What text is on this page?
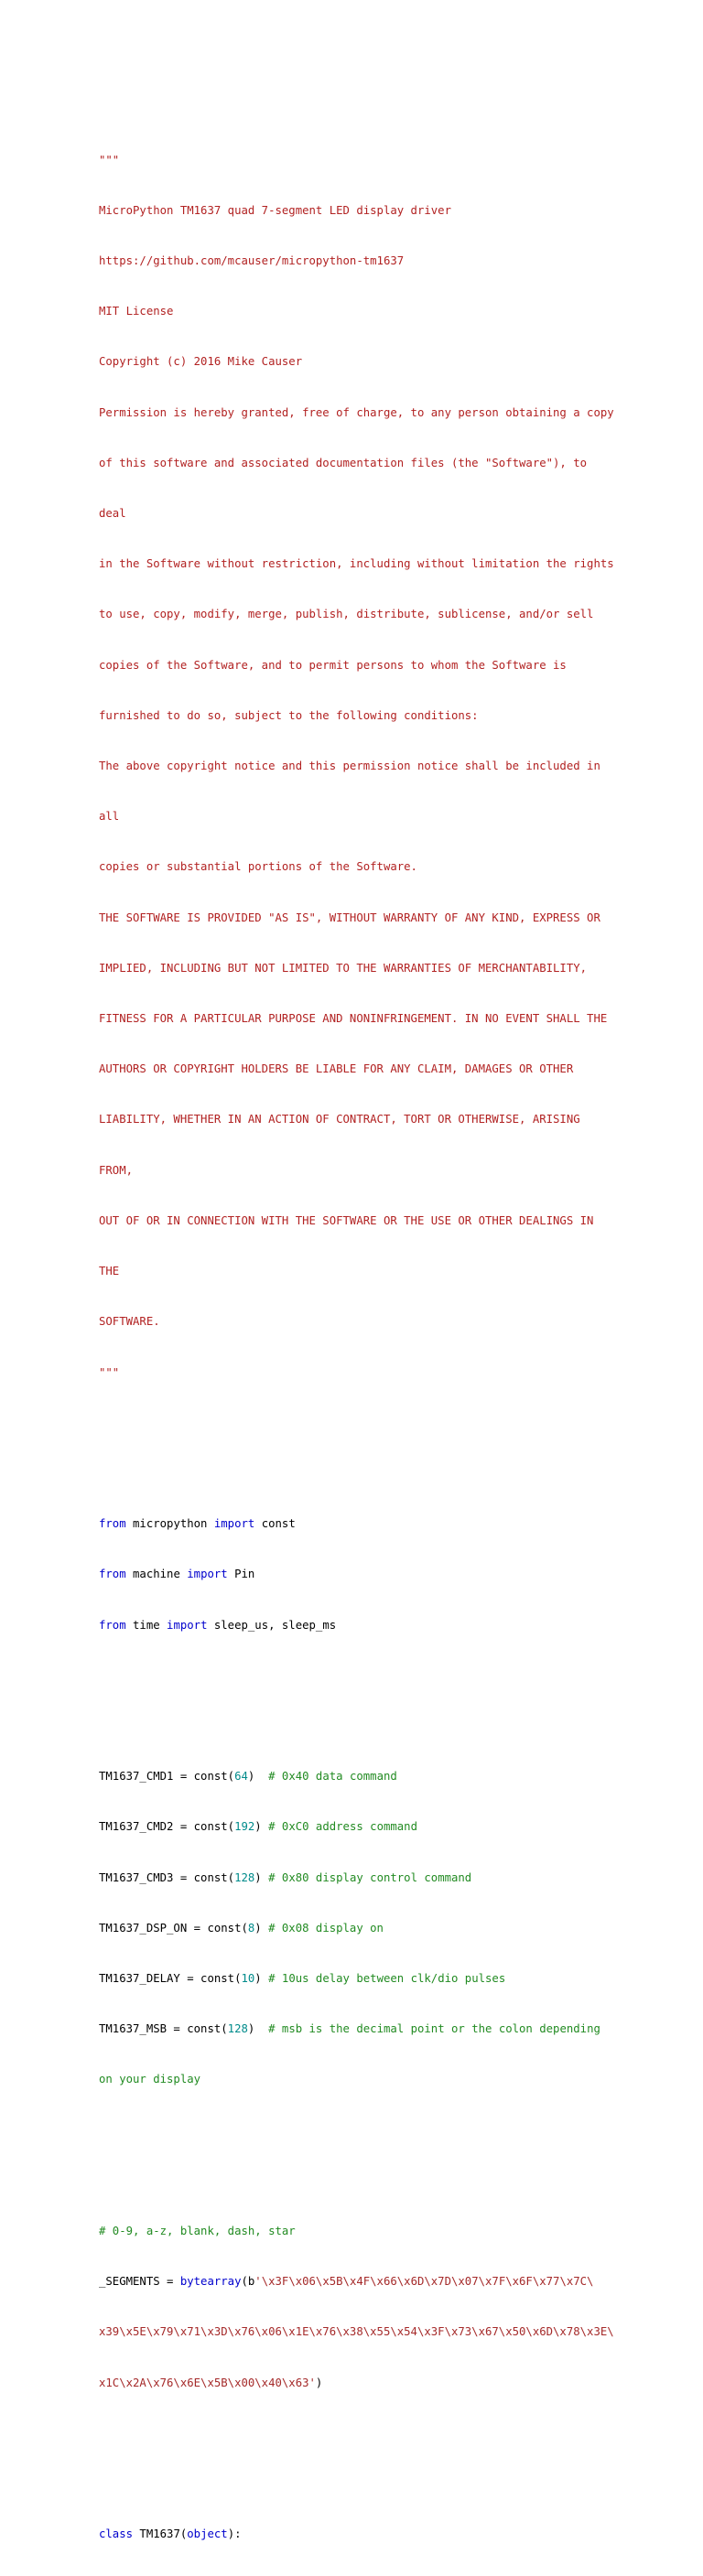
"""

MicroPython TM1637 quad 7-segment LED display driver

https://github.com/mcauser/micropython-tm1637

MIT License

Copyright (c) 2016 Mike Causer

Permission is hereby granted, free of charge, to any person obtaining a copy

of this software and associated documentation files (the "Software"), to

deal

in the Software without restriction, including without limitation the rights

to use, copy, modify, merge, publish, distribute, sublicense, and/or sell

copies of the Software, and to permit persons to whom the Software is

furnished to do so, subject to the following conditions:

The above copyright notice and this permission notice shall be included in

all

copies or substantial portions of the Software.

THE SOFTWARE IS PROVIDED "AS IS", WITHOUT WARRANTY OF ANY KIND, EXPRESS OR

IMPLIED, INCLUDING BUT NOT LIMITED TO THE WARRANTIES OF MERCHANTABILITY,

FITNESS FOR A PARTICULAR PURPOSE AND NONINFRINGEMENT. IN NO EVENT SHALL THE

AUTHORS OR COPYRIGHT HOLDERS BE LIABLE FOR ANY CLAIM, DAMAGES OR OTHER

LIABILITY, WHETHER IN AN ACTION OF CONTRACT, TORT OR OTHERWISE, ARISING

FROM,

OUT OF OR IN CONNECTION WITH THE SOFTWARE OR THE USE OR OTHER DEALINGS IN

THE

SOFTWARE.

"""

from micropython import const

from machine import Pin

from time import sleep_us, sleep_ms

TM1637_CMD1 = const(64)  # 0x40 data command

TM1637_CMD2 = const(192) # 0xC0 address command

TM1637_CMD3 = const(128) # 0x80 display control command

TM1637_DSP_ON = const(8) # 0x08 display on

TM1637_DELAY = const(10) # 10us delay between clk/dio pulses

TM1637_MSB = const(128)  # msb is the decimal point or the colon depending

on your display

# 0-9, a-z, blank, dash, star

_SEGMENTS = bytearray(b'\x3F\x06\x5B\x4F\x66\x6D\x7D\x07\x7F\x6F\x77\x7C\

x39\x5E\x79\x71\x3D\x76\x06\x1E\x76\x38\x55\x54\x3F\x73\x67\x50\x6D\x78\x3E\

x1C\x2A\x76\x6E\x5B\x00\x40\x63')

class TM1637(object):
